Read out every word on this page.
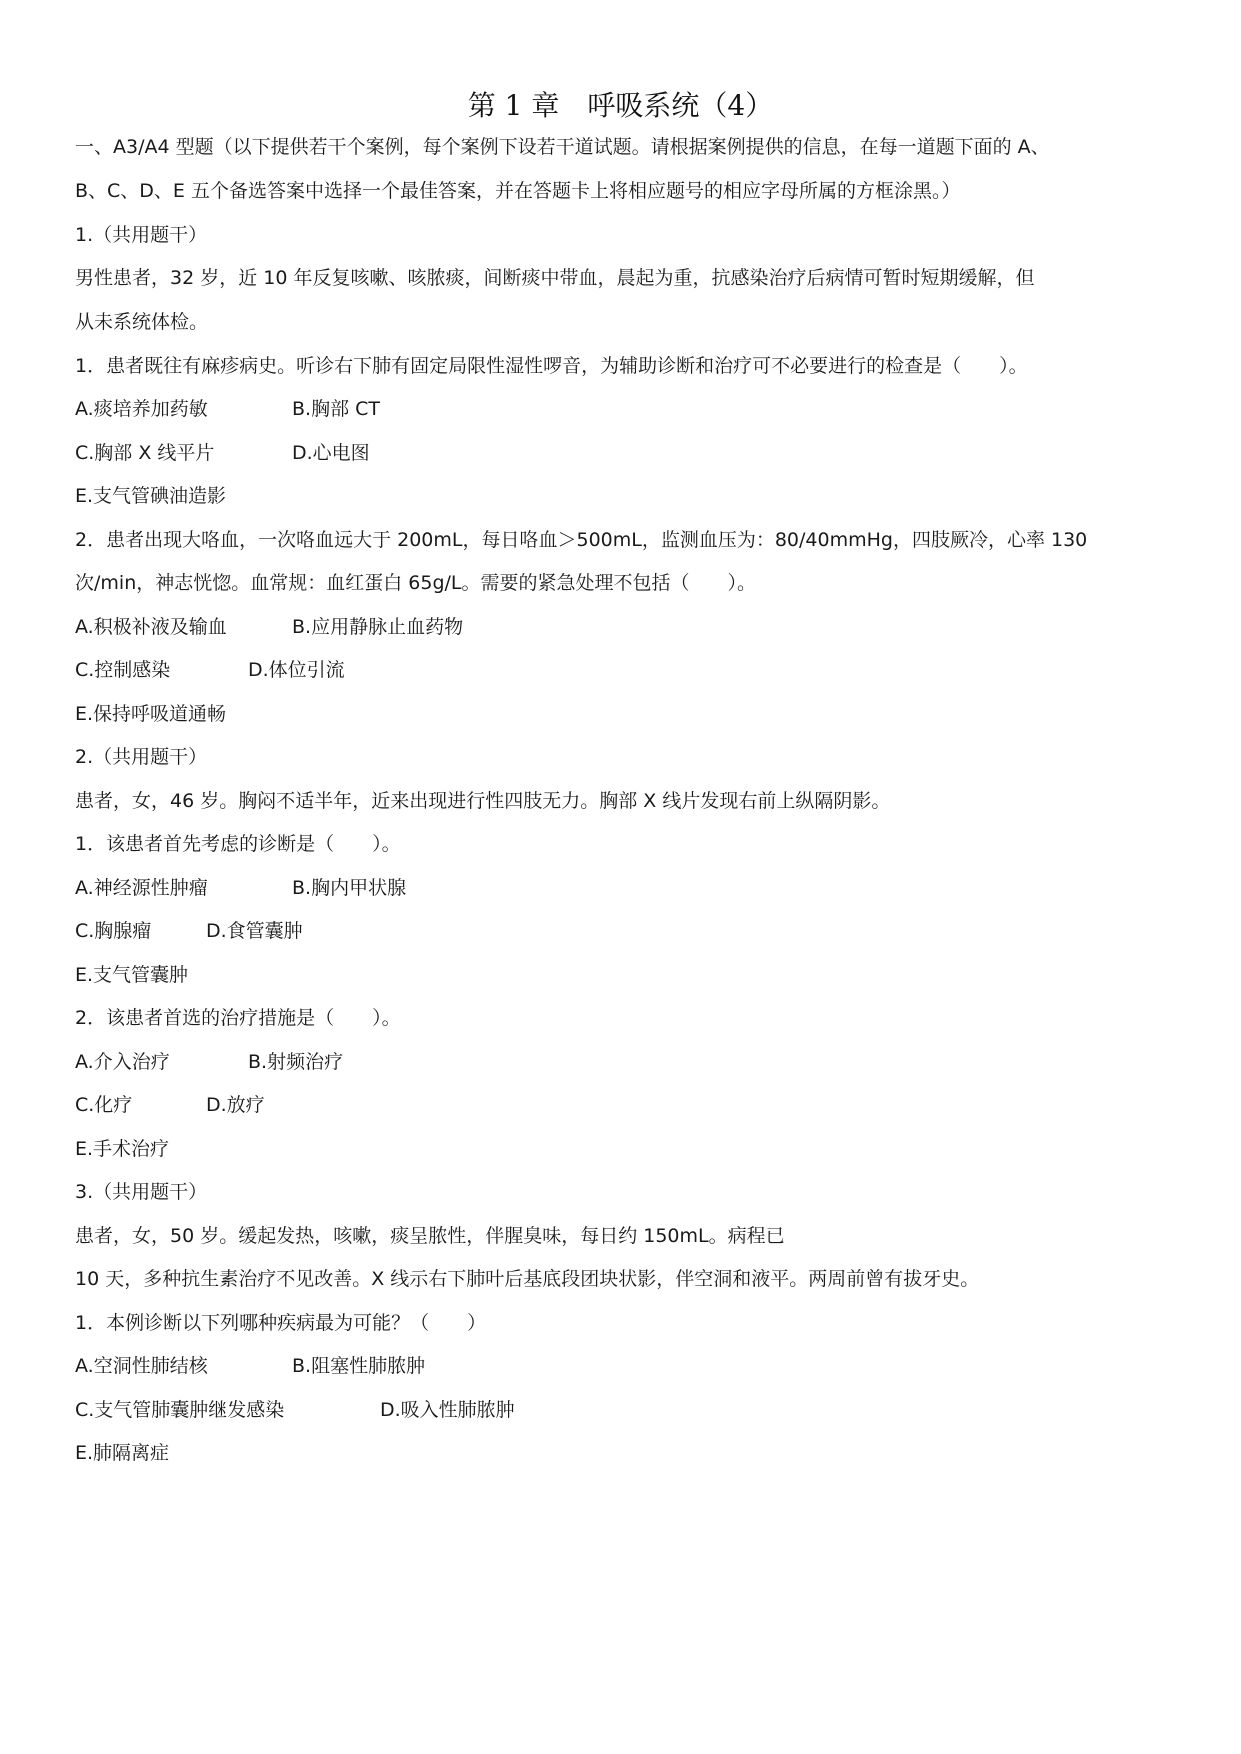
第 1 章　呼吸系统（4）
一、A3/A4 型题（以下提供若干个案例，每个案例下设若干道试题。请根据案例提供的信息，在每一道题下面的 A、
B、C、D、E 五个备选答案中选择一个最佳答案，并在答题卡上将相应题号的相应字母所属的方框涂黑。）
1.（共用题干）
男性患者，32 岁，近 10 年反复咳嗽、咳脓痰，间断痰中带血，晨起为重，抗感染治疗后病情可暂时短期缓解，但
从未系统体检。
1．患者既往有麻疹病史。听诊右下肺有固定局限性湿性啰音，为辅助诊断和治疗可不必要进行的检查是（　　）。
A.痰培养加药敏	B.胸部 CT
C.胸部 X 线平片	D.心电图
E.支气管碘油造影
2．患者出现大咯血，一次咯血远大于 200mL，每日咯血＞500mL，监测血压为：80/40mmHg，四肢厥冷，心率 130
次/min，神志恍惚。血常规：血红蛋白 65g/L。需要的紧急处理不包括（　　）。
A.积极补液及输血	B.应用静脉止血药物
C.控制感染	D.体位引流
E.保持呼吸道通畅
2.（共用题干）
患者，女，46 岁。胸闷不适半年，近来出现进行性四肢无力。胸部 X 线片发现右前上纵隔阴影。
1．该患者首先考虑的诊断是（　　）。
A.神经源性肿瘤	B.胸内甲状腺
C.胸腺瘤	D.食管囊肿
E.支气管囊肿
2．该患者首选的治疗措施是（　　）。
A.介入治疗	B.射频治疗
C.化疗	D.放疗
E.手术治疗
3.（共用题干）
患者，女，50 岁。缓起发热，咳嗽，痰呈脓性，伴腥臭味，每日约 150mL。病程已
10 天，多种抗生素治疗不见改善。X 线示右下肺叶后基底段团块状影，伴空洞和液平。两周前曾有拔牙史。
1．本例诊断以下列哪种疾病最为可能？（　　）
A.空洞性肺结核	B.阻塞性肺脓肿
C.支气管肺囊肿继发感染	D.吸入性肺脓肿
E.肺隔离症
